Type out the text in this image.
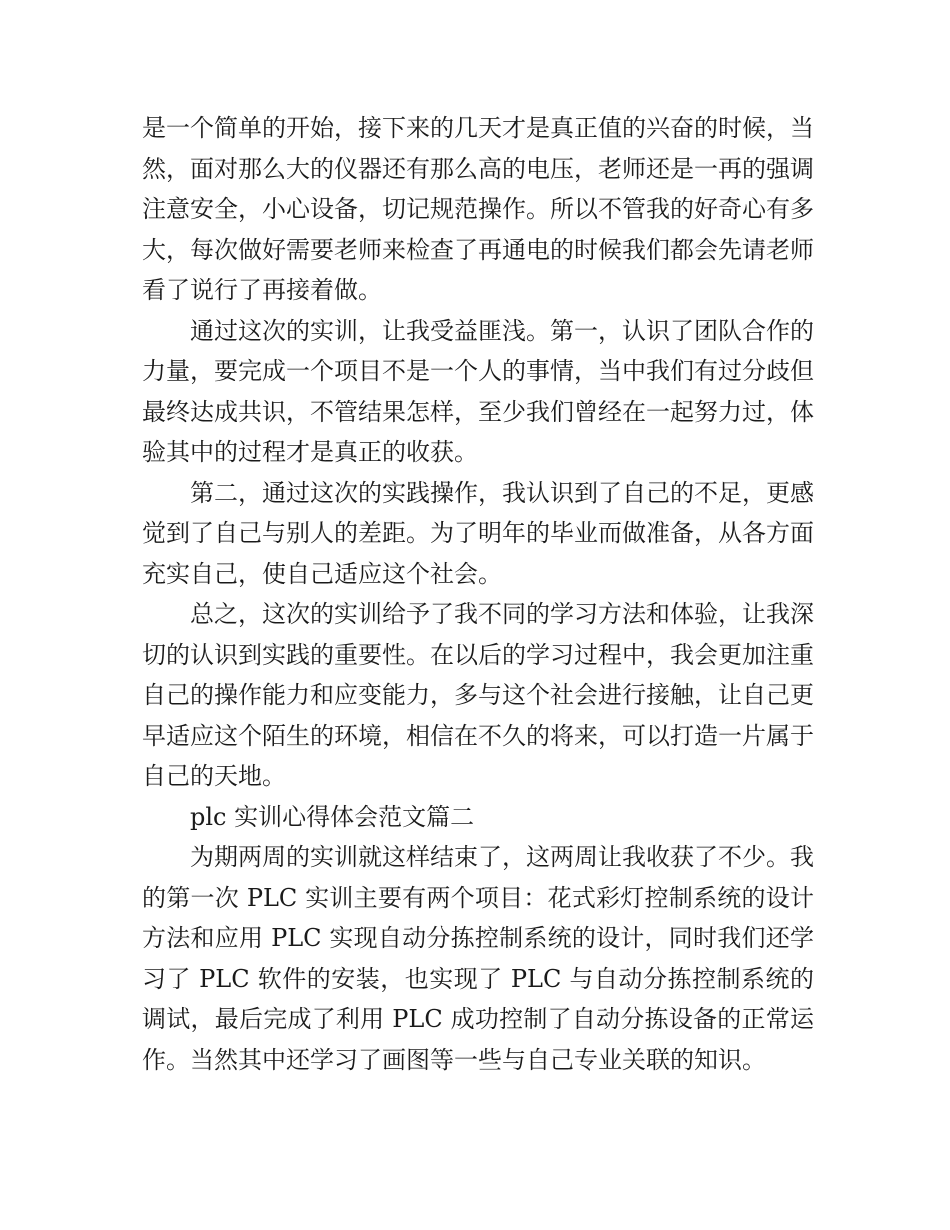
是一个简单的开始，接下来的几天才是真正值的兴奋的时候，当然，面对那么大的仪器还有那么高的电压，老师还是一再的强调注意安全，小心设备，切记规范操作。所以不管我的好奇心有多大，每次做好需要老师来检查了再通电的时候我们都会先请老师看了说行了再接着做。

通过这次的实训，让我受益匪浅。第一，认识了团队合作的力量，要完成一个项目不是一个人的事情，当中我们有过分歧但最终达成共识，不管结果怎样，至少我们曾经在一起努力过，体验其中的过程才是真正的收获。

第二，通过这次的实践操作，我认识到了自己的不足，更感觉到了自己与别人的差距。为了明年的毕业而做准备，从各方面充实自己，使自己适应这个社会。

总之，这次的实训给予了我不同的学习方法和体验，让我深切的认识到实践的重要性。在以后的学习过程中，我会更加注重自己的操作能力和应变能力，多与这个社会进行接触，让自己更早适应这个陌生的环境，相信在不久的将来，可以打造一片属于自己的天地。

plc 实训心得体会范文篇二

为期两周的实训就这样结束了，这两周让我收获了不少。我的第一次 PLC 实训主要有两个项目：花式彩灯控制系统的设计方法和应用 PLC 实现自动分拣控制系统的设计，同时我们还学习了 PLC 软件的安装，也实现了 PLC 与自动分拣控制系统的调试，最后完成了利用 PLC 成功控制了自动分拣设备的正常运作。当然其中还学习了画图等一些与自己专业关联的知识。
